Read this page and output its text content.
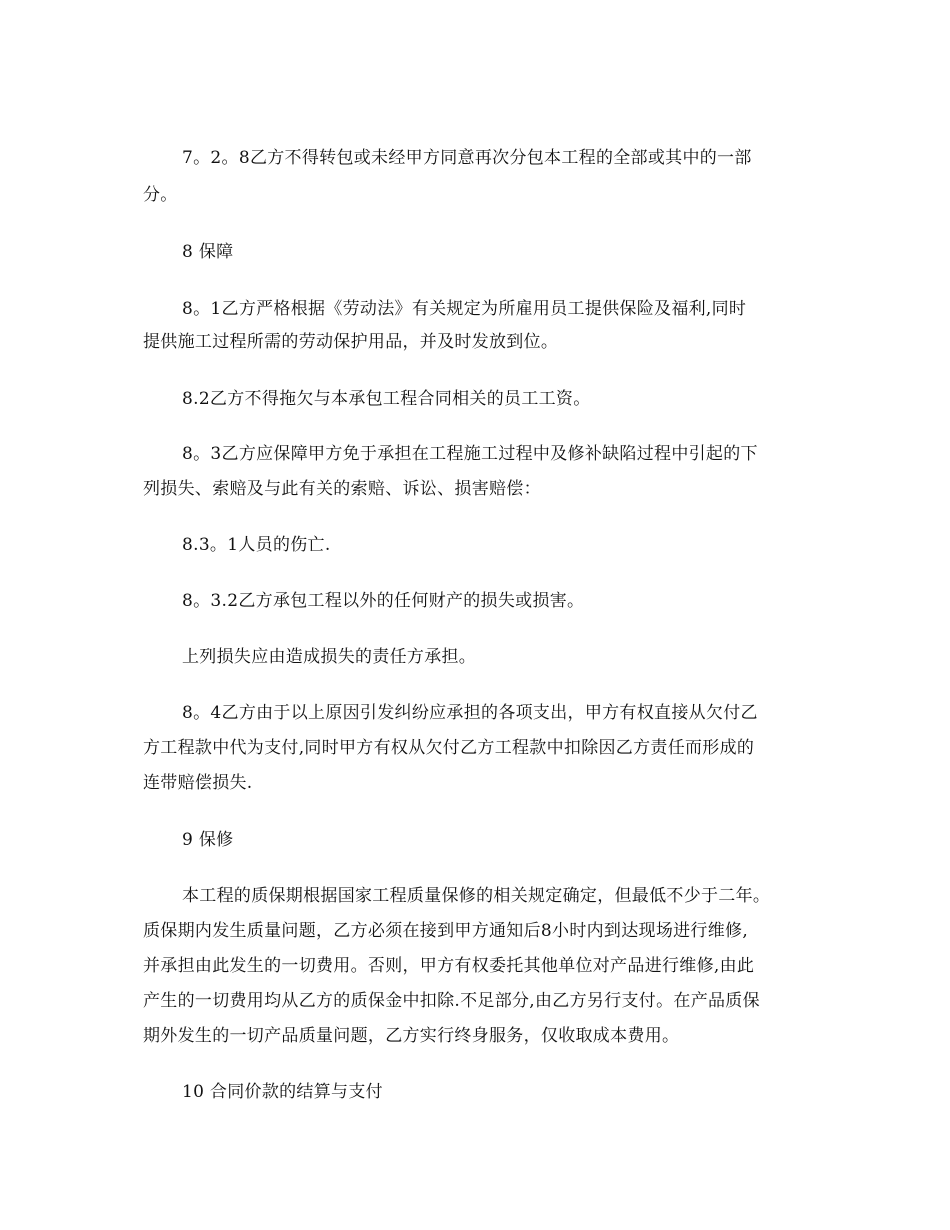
7。2。8乙方不得转包或未经甲方同意再次分包本工程的全部或其中的一部
分。
8 保障
8。1乙方严格根据《劳动法》有关规定为所雇用员工提供保险及福利,同时
提供施工过程所需的劳动保护用品，并及时发放到位。
8.2乙方不得拖欠与本承包工程合同相关的员工工资。
8。3乙方应保障甲方免于承担在工程施工过程中及修补缺陷过程中引起的下
列损失、索赔及与此有关的索赔、诉讼、损害赔偿：
8.3。1人员的伤亡.
8。3.2乙方承包工程以外的任何财产的损失或损害。
上列损失应由造成损失的责任方承担。
8。4乙方由于以上原因引发纠纷应承担的各项支出，甲方有权直接从欠付乙
方工程款中代为支付,同时甲方有权从欠付乙方工程款中扣除因乙方责任而形成的
连带赔偿损失.
9 保修
本工程的质保期根据国家工程质量保修的相关规定确定，但最低不少于二年。
质保期内发生质量问题，乙方必须在接到甲方通知后8小时内到达现场进行维修,
并承担由此发生的一切费用。否则，甲方有权委托其他单位对产品进行维修,由此
产生的一切费用均从乙方的质保金中扣除.不足部分,由乙方另行支付。在产品质保
期外发生的一切产品质量问题，乙方实行终身服务，仅收取成本费用。
10 合同价款的结算与支付
